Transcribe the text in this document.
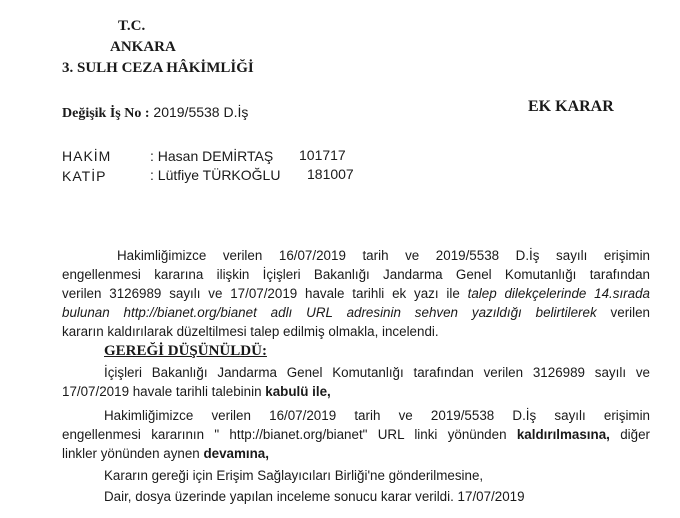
T.C.
ANKARA
3. SULH CEZA HÂKİMLİĞİ
Değişik İş No : 2019/5538 D.İş	EK KARAR
HAKİM	: Hasan DEMİRTAŞ 101717
KATİP	: Lütfiye TÜRKOĞLU 181007
Hakimliğimizce verilen 16/07/2019 tarih ve 2019/5538 D.İş sayılı erişimin
engellenmesi kararına ilişkin İçişleri Bakanlığı Jandarma Genel Komutanlığı tarafından
verilen 3126989 sayılı ve 17/07/2019 havale tarihli ek yazı ile talep dilekçelerinde 14.sırada
bulunan http://bianet.org/bianet adlı URL adresinin sehven yazıldığı belirtilerek verilen
kararın kaldırılarak düzeltilmesi talep edilmiş olmakla, incelendi.
GEREĞİ DÜŞÜNÜLDÜ:
İçişleri Bakanlığı Jandarma Genel Komutanlığı tarafından verilen 3126989 sayılı ve
17/07/2019 havale tarihli talebinin kabulü ile,
Hakimliğimizce verilen 16/07/2019 tarih ve 2019/5538 D.İş sayılı erişimin
engellenmesi kararının " http://bianet.org/bianet" URL linki yönünden kaldırılmasına, diğer
linkler yönünden aynen devamına,
Kararın gereği için Erişim Sağlayıcıları Birliği'ne gönderilmesine,
Dair, dosya üzerinde yapılan inceleme sonucu karar verildi. 17/07/2019
